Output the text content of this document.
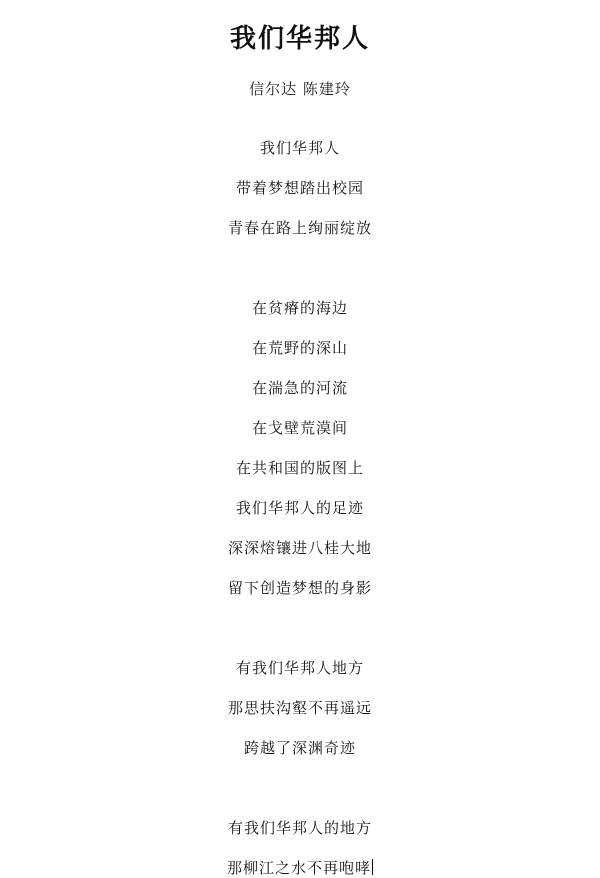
我们华邦人
信尔达 陈建玲
我们华邦人
带着梦想踏出校园
青春在路上绚丽绽放
在贫瘠的海边
在荒野的深山
在湍急的河流
在戈壁荒漠间
在共和国的版图上
我们华邦人的足迹
深深熔镶进八桂大地
留下创造梦想的身影
有我们华邦人地方
那思扶沟壑不再遥远
跨越了深渊奇迹
有我们华邦人的地方
那柳江之水不再咆哮
